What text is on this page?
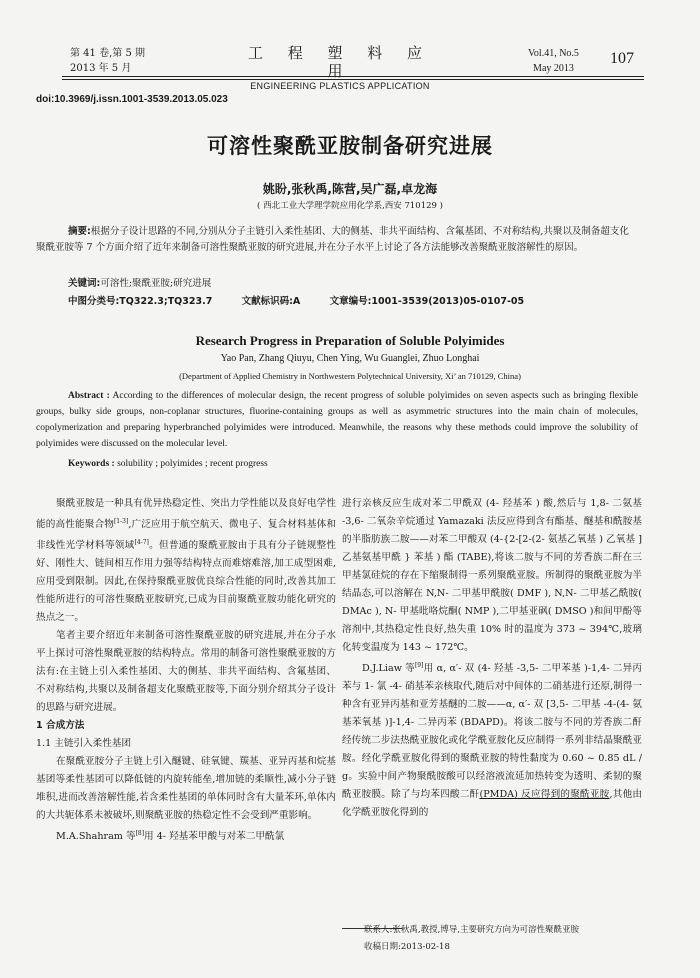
第 41 卷,第 5 期
2013 年 5 月
工 程 塑 料 应 用
ENGINEERING PLASTICS APPLICATION
Vol.41, No.5
May 2013
107
doi:10.3969/j.issn.1001-3539.2013.05.023
可溶性聚酰亚胺制备研究进展
姚盼,张秋禹,陈营,吴广磊,卓龙海
( 西北工业大学理学院应用化学系,西安 710129 )
摘要:根据分子设计思路的不同,分别从分子主链引入柔性基团、大的侧基、非共平面结构、含氟基团、不对称结构,共聚以及制备超支化聚酰亚胺等 7 个方面介绍了近年来制备可溶性聚酰亚胺的研究进展,并在分子水平上讨论了各方法能够改善聚酰亚胺溶解性的原因。
关键词:可溶性;聚酰亚胺;研究进展
中图分类号:TQ322.3;TQ323.7	文献标识码:A	文章编号:1001-3539(2013)05-0107-05
Research Progress in Preparation of Soluble Polyimides
Yao Pan, Zhang Qiuyu, Chen Ying, Wu Guanglei, Zhuo Longhai
(Department of Applied Chemistry in Northwestern Polytechnical University, Xi’ an 710129, China)
Abstract : According to the differences of molecular design, the recent progress of soluble polyimides on seven aspects such as bringing flexible groups, bulky side groups, non-coplanar structures, fluorine-containing groups as well as asymmetric structures into the main chain of molecules, copolymerization and preparing hyperbranched polyimides were introduced. Meanwhile, the reasons why these methods could improve the solubility of polyimides were discussed on the molecular level.
Keywords : solubility ; polyimides ; recent progress

聚酰亚胺是一种具有优异热稳定性、突出力学性能以及良好电学性能的高性能聚合物[1-3],广泛应用于航空航天、微电子、复合材料基体和非线性光学材料等领域[4-7]。但普通的聚酰亚胺由于具有分子链规整性好、刚性大、链间相互作用力强等结构特点而难熔难溶,加工成型困难,应用受到限制。因此,在保持聚酰亚胺优良综合性能的同时,改善其加工性能所进行的可溶性聚酰亚胺研究,已成为目前聚酰亚胺功能化研究的热点之一。

笔者主要介绍近年来制备可溶性聚酰亚胺的研究进展,并在分子水平上探讨可溶性聚酰亚胺的结构特点。常用的制备可溶性聚酰亚胺的方法有:在主链上引入柔性基团、大的侧基、非共平面结构、含氟基团、不对称结构,共聚以及制备超支化聚酰亚胺等,下面分别介绍其分子设计的思路与研究进展。

1 合成方法
1.1 主链引入柔性基团

在聚酰亚胺分子主链上引入醚键、硅氧键、羰基、亚异丙基和烷基基团等柔性基团可以降低链的内旋转能垒,增加链的柔顺性,减小分子链堆积,进而改善溶解性能,若含柔性基团的单体同时含有大量苯环,单体内的大共轭体系未被破坏,则聚酰亚胺的热稳定性不会受到严重影响。

M.A.Shahram 等[8]用 4- 羟基苯甲酸与对苯二甲酰氯

进行亲核反应生成对苯二甲酰双 (4- 羟基苯 ) 酸,然后与 1,8- 二氨基 -3,6- 二氧杂辛烷通过 Yamazaki 法反应得到含有酯基、醚基和酰胺基的半脂肪族二胺——对苯二甲酸双 (4-{2-[2-(2- 氨基乙氧基 ) 乙氧基 ] 乙基氨基甲酰 } 苯基 ) 酯 (TABE),将该二胺与不同的芳香族二酐在三甲基氯硅烷的存在下缩聚制得一系列聚酰亚胺。所制得的聚酰亚胺为半结晶态,可以溶解在 N,N- 二甲基甲酰胺( DMF ), N,N- 二甲基乙酰胺( DMAc ), N- 甲基吡咯烷酮( NMP ),二甲基亚砜( DMSO )和间甲酚等溶剂中,其热稳定性良好,热失重 10% 时的温度为 373 ~ 394℃,玻璃化转变温度为 143 ~ 172℃。

D.J.Liaw 等[9]用 α, α′- 双 (4- 羟基 -3,5- 二甲苯基 )-1,4- 二异丙苯与 1- 氯 -4- 硝基苯亲核取代,随后对中间体的二硝基进行还原,制得一种含有亚异丙基和亚芳基醚的二胺——α, α′- 双 [3,5- 二甲基 -4-(4- 氨基苯氧基 )]-1,4- 二异丙苯 (BDAPD)。将该二胺与不同的芳香族二酐经传统二步法热酰亚胺化或化学酰亚胺化反应制得一系列非结晶聚酰亚胺。经化学酰亚胺化得到的聚酰亚胺的特性黏度为 0.60 ~ 0.85 dL / g。实验中间产物聚酰胺酸可以经溶液流延加热转变为透明、柔韧的聚酰亚胺膜。除了与均苯四酸二酐(PMDA) 反应得到的聚酰亚胺,其他由化学酰亚胺化得到的

联系人:张秋禹,教授,博导,主要研究方向为可溶性聚酰亚胺
收稿日期:2013-02-18
